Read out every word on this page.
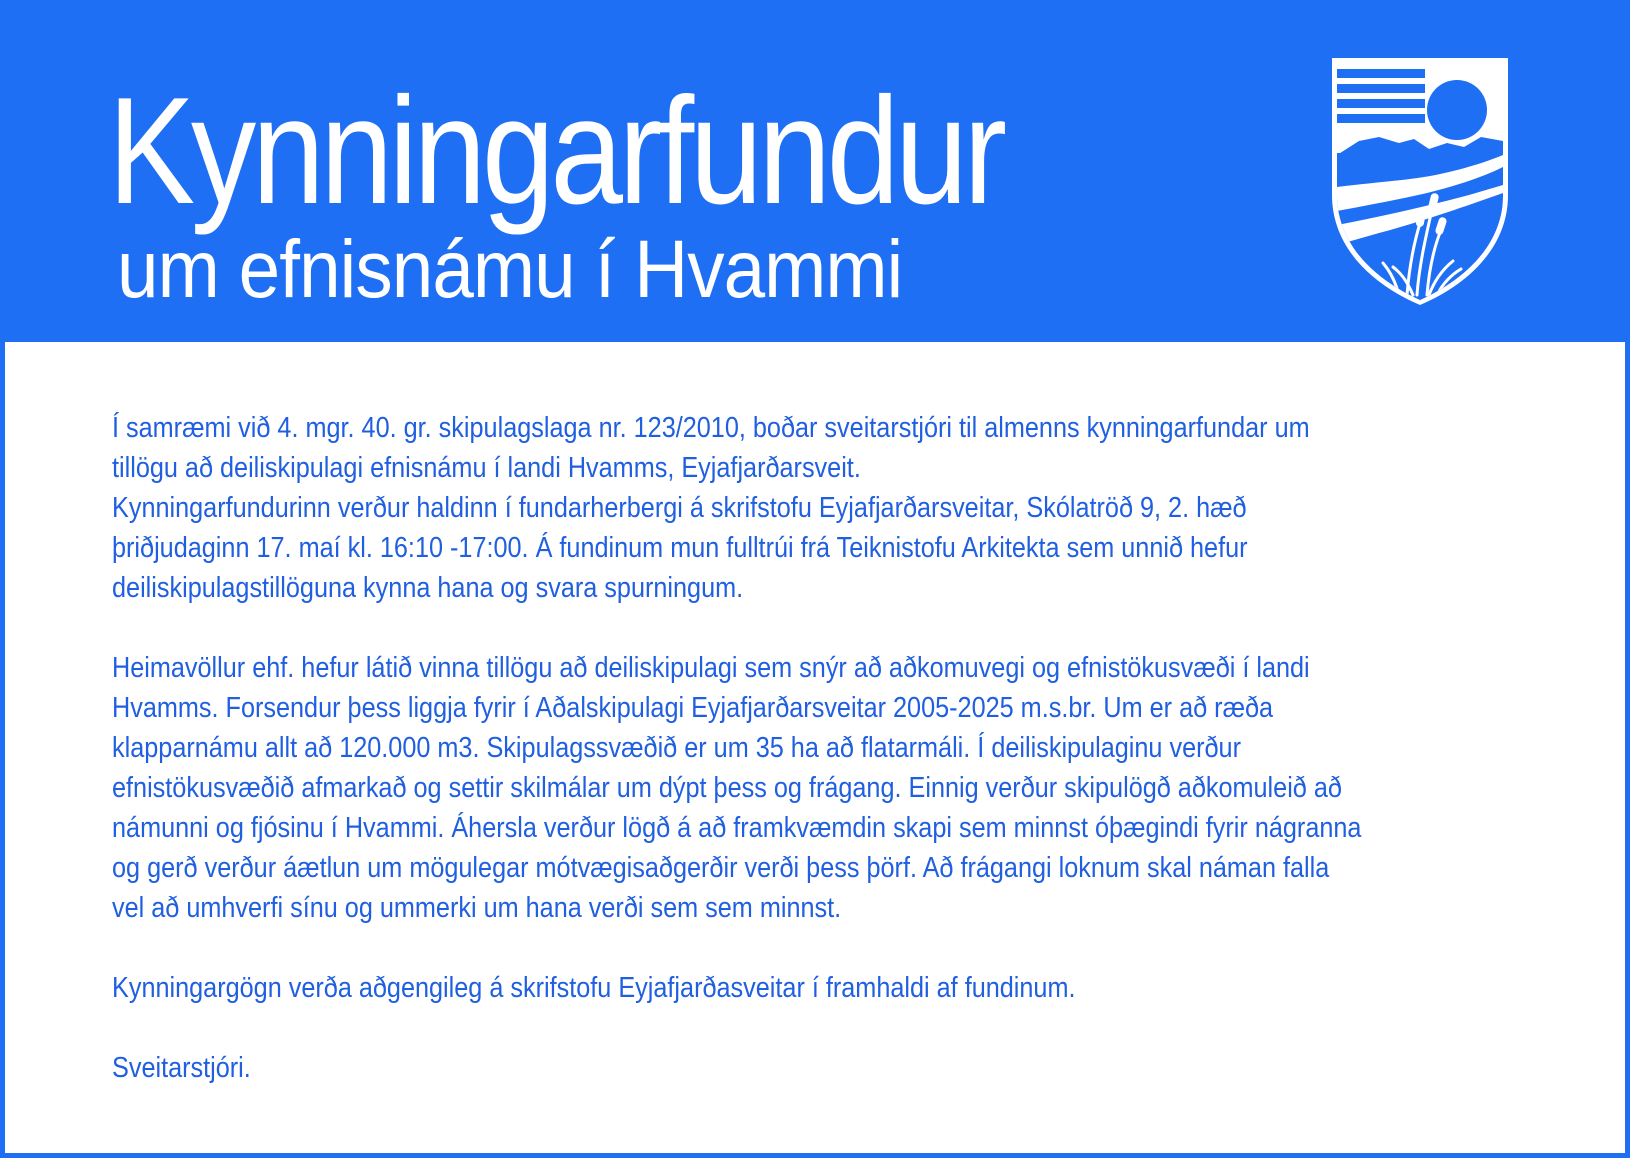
Kynningarfundur
um efnisnámu í Hvammi

Í samræmi við 4. mgr. 40. gr. skipulagslaga nr. 123/2010, boðar sveitarstjóri til almenns kynningarfundar um
tillögu að deiliskipulagi efnisnámu í landi Hvamms, Eyjafjarðarsveit.
Kynningarfundurinn verður haldinn í fundarherbergi á skrifstofu Eyjafjarðarsveitar, Skólatröð 9, 2. hæð
þriðjudaginn 17. maí kl. 16:10 -17:00. Á fundinum mun fulltrúi frá Teiknistofu Arkitekta sem unnið hefur
deiliskipulagstillöguna kynna hana og svara spurningum.

Heimavöllur ehf. hefur látið vinna tillögu að deiliskipulagi sem snýr að aðkomuvegi og efnistökusvæði í landi
Hvamms. Forsendur þess liggja fyrir í Aðalskipulagi Eyjafjarðarsveitar 2005-2025 m.s.br. Um er að ræða
klapparnámu allt að 120.000 m3. Skipulagssvæðið er um 35 ha að flatarmáli. Í deiliskipulaginu verður
efnistökusvæðið afmarkað og settir skilmálar um dýpt þess og frágang. Einnig verður skipulögð aðkomuleið að
námunni og fjósinu í Hvammi. Áhersla verður lögð á að framkvæmdin skapi sem minnst óþægindi fyrir nágranna
og gerð verður áætlun um mögulegar mótvægisaðgerðir verði þess þörf. Að frágangi loknum skal náman falla
vel að umhverfi sínu og ummerki um hana verði sem sem minnst.

Kynningargögn verða aðgengileg á skrifstofu Eyjafjarðasveitar í framhaldi af fundinum.

Sveitarstjóri.
